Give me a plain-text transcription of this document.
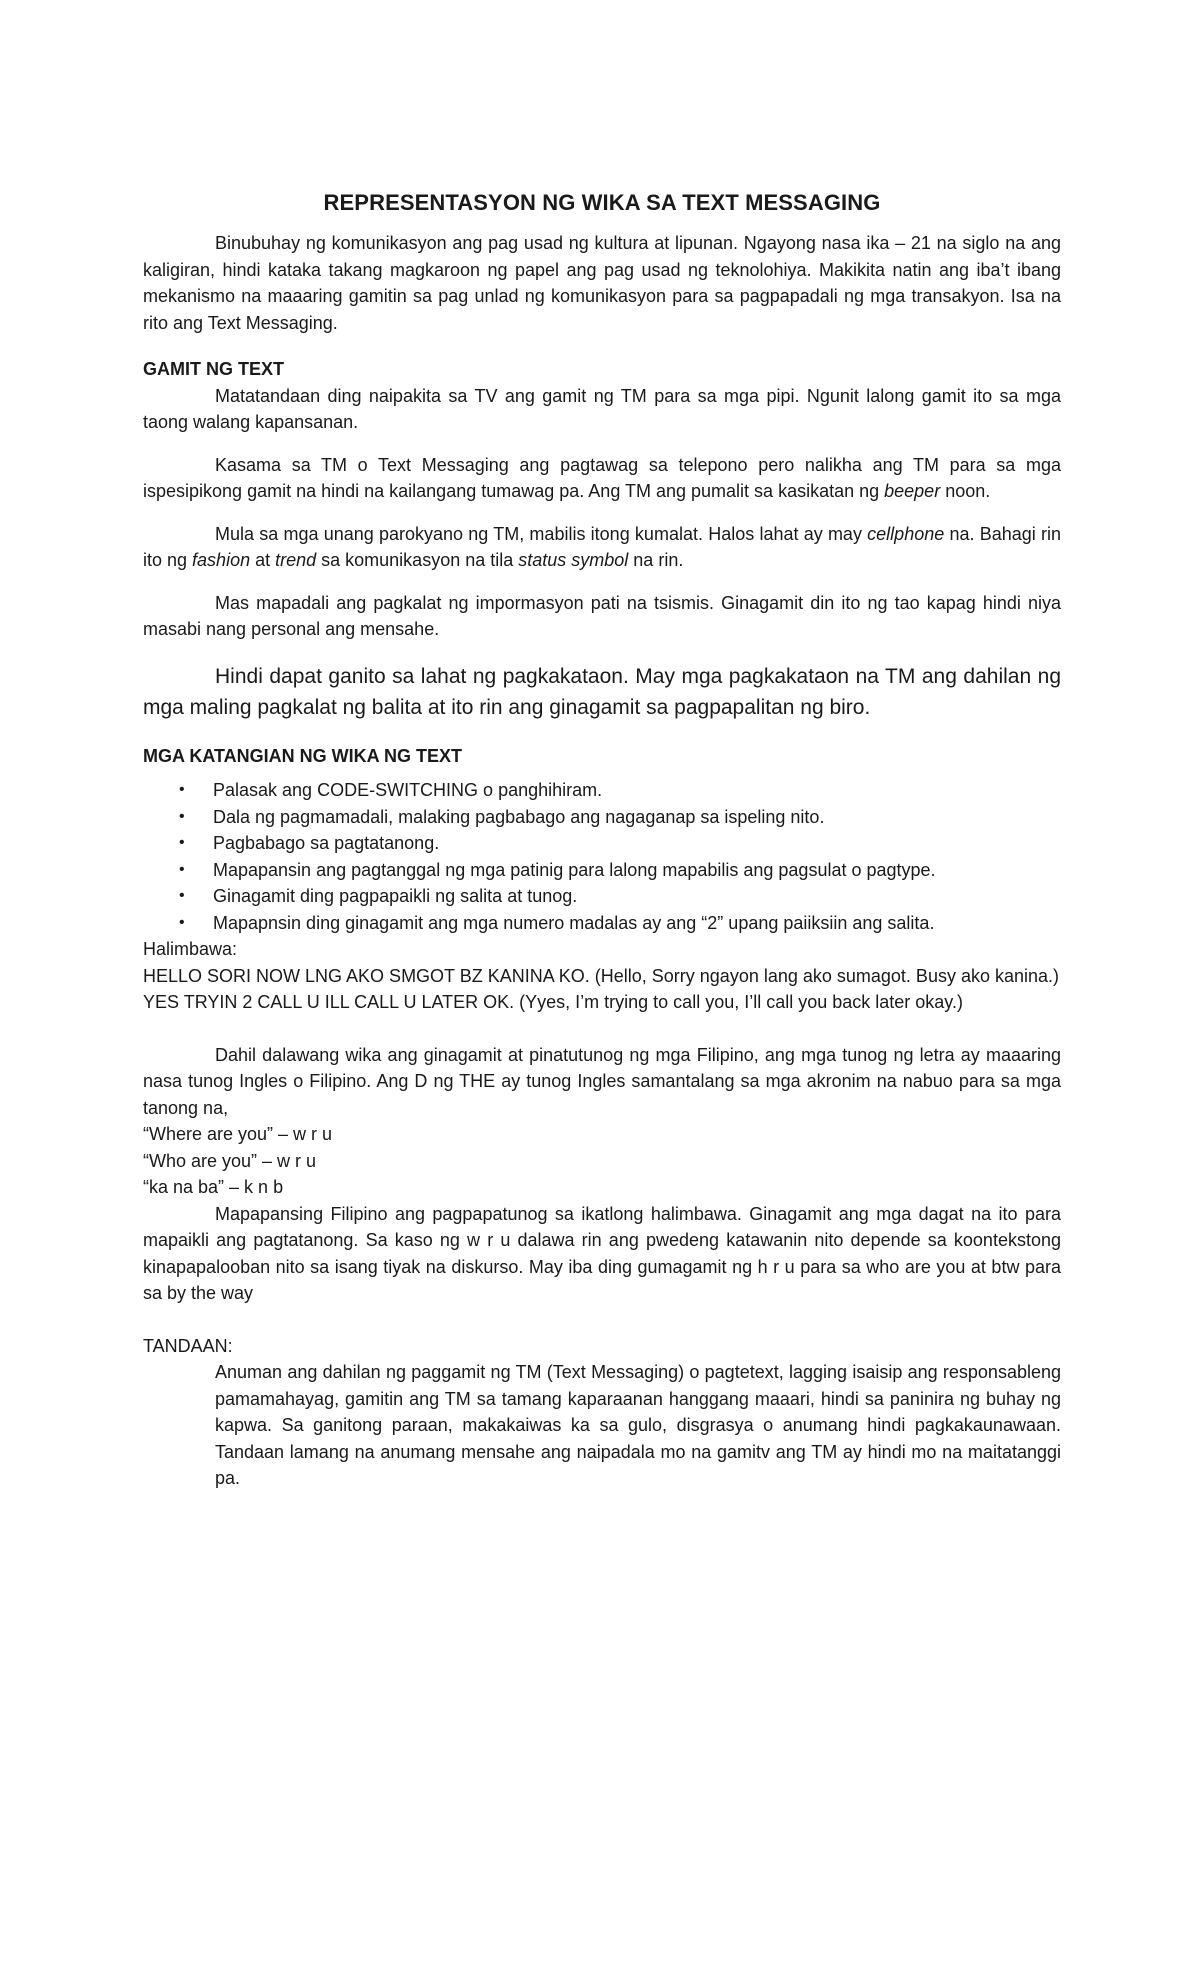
REPRESENTASYON NG WIKA SA TEXT MESSAGING

Binubuhay ng komunikasyon ang pag usad ng kultura at lipunan. Ngayong nasa ika – 21 na siglo na ang kaligiran, hindi kataka takang magkaroon ng papel ang pag usad ng teknolohiya. Makikita natin ang iba’t ibang mekanismo na maaaring gamitin sa pag unlad ng komunikasyon para sa pagpapadali ng mga transakyon. Isa na rito ang Text Messaging.

GAMIT NG TEXT

Matatandaan ding naipakita sa TV ang gamit ng TM para sa mga pipi. Ngunit lalong gamit ito sa mga taong walang kapansanan.

Kasama sa TM o Text Messaging ang pagtawag sa telepono pero nalikha ang TM para sa mga ispesipikong gamit na hindi na kailangang tumawag pa. Ang TM ang pumalit sa kasikatan ng beeper noon.

Mula sa mga unang parokyano ng TM, mabilis itong kumalat. Halos lahat ay may cellphone na. Bahagi rin ito ng fashion at trend sa komunikasyon na tila status symbol na rin.

Mas mapadali ang pagkalat ng impormasyon pati na tsismis. Ginagamit din ito ng tao kapag hindi niya masabi nang personal ang mensahe.

Hindi dapat ganito sa lahat ng pagkakataon. May mga pagkakataon na TM ang dahilan ng mga maling pagkalat ng balita at ito rin ang ginagamit sa pagpapalitan ng biro.

MGA KATANGIAN NG WIKA NG TEXT
• Palasak ang CODE-SWITCHING o panghihiram.
• Dala ng pagmamadali, malaking pagbabago ang nagaganap sa ispeling nito.
• Pagbabago sa pagtatanong.
• Mapapansin ang pagtanggal ng mga patinig para lalong mapabilis ang pagsulat o pagtype.
• Ginagamit ding pagpapaikli ng salita at tunog.
• Mapapnsin ding ginagamit ang mga numero madalas ay ang “2” upang paiiksiin ang salita.

Halimbawa:

HELLO SORI NOW LNG AKO SMGOT BZ KANINA KO. (Hello, Sorry ngayon lang ako sumagot. Busy ako kanina.)

YES TRYIN 2 CALL U ILL CALL U LATER OK. (Yyes, I’m trying to call you, I’ll call you back later okay.)

Dahil dalawang wika ang ginagamit at pinatutunog ng mga Filipino, ang mga tunog ng letra ay maaaring nasa tunog Ingles o Filipino. Ang D ng THE ay tunog Ingles samantalang sa mga akronim na nabuo para sa mga tanong na,

“Where are you” – w r u

“Who are you” – w r u

“ka na ba” – k n b

Mapapansing Filipino ang pagpapatunog sa ikatlong halimbawa. Ginagamit ang mga dagat na ito para mapaikli ang pagtatanong. Sa kaso ng w r u dalawa rin ang pwedeng katawanin nito depende sa koontekstong kinapapalooban nito sa isang tiyak na diskurso. May iba ding gumagamit ng h r u para sa who are you at btw para sa by the way

TANDAAN:

Anuman ang dahilan ng paggamit ng TM (Text Messaging) o pagtetext, lagging isaisip ang responsableng pamamahayag, gamitin ang TM sa tamang kaparaanan hanggang maaari, hindi sa paninira ng buhay ng kapwa. Sa ganitong paraan, makakaiwas ka sa gulo, disgrasya o anumang hindi pagkakaunawaan. Tandaan lamang na anumang mensahe ang naipadala mo na gamitv ang TM ay hindi mo na maitatanggi pa.
